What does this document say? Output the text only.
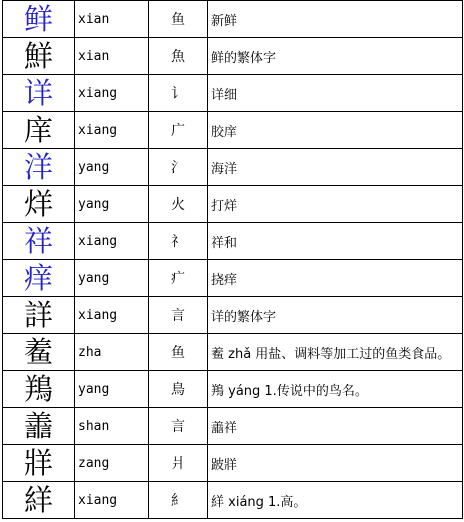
鲜	xian	鱼	新鲜
鮮	xian	魚	鲜的繁体字
详	xiang	讠	详细
庠	xiang	广	胶庠
洋	yang	氵	海洋
烊	yang	火	打烊
祥	xiang	礻	祥和
痒	yang	疒	挠痒
詳	xiang	言	详的繁体字
鲝	zha	鱼	鲝 zhǎ 用盐、调料等加工过的鱼类食品。
鴹	yang	鳥	鴹 yáng 1.传说中的鸟名。
譱	shan	言	譱祥
牂	zang	爿	跛牂
絴	xiang	糹	絴 xiáng 1.高。
